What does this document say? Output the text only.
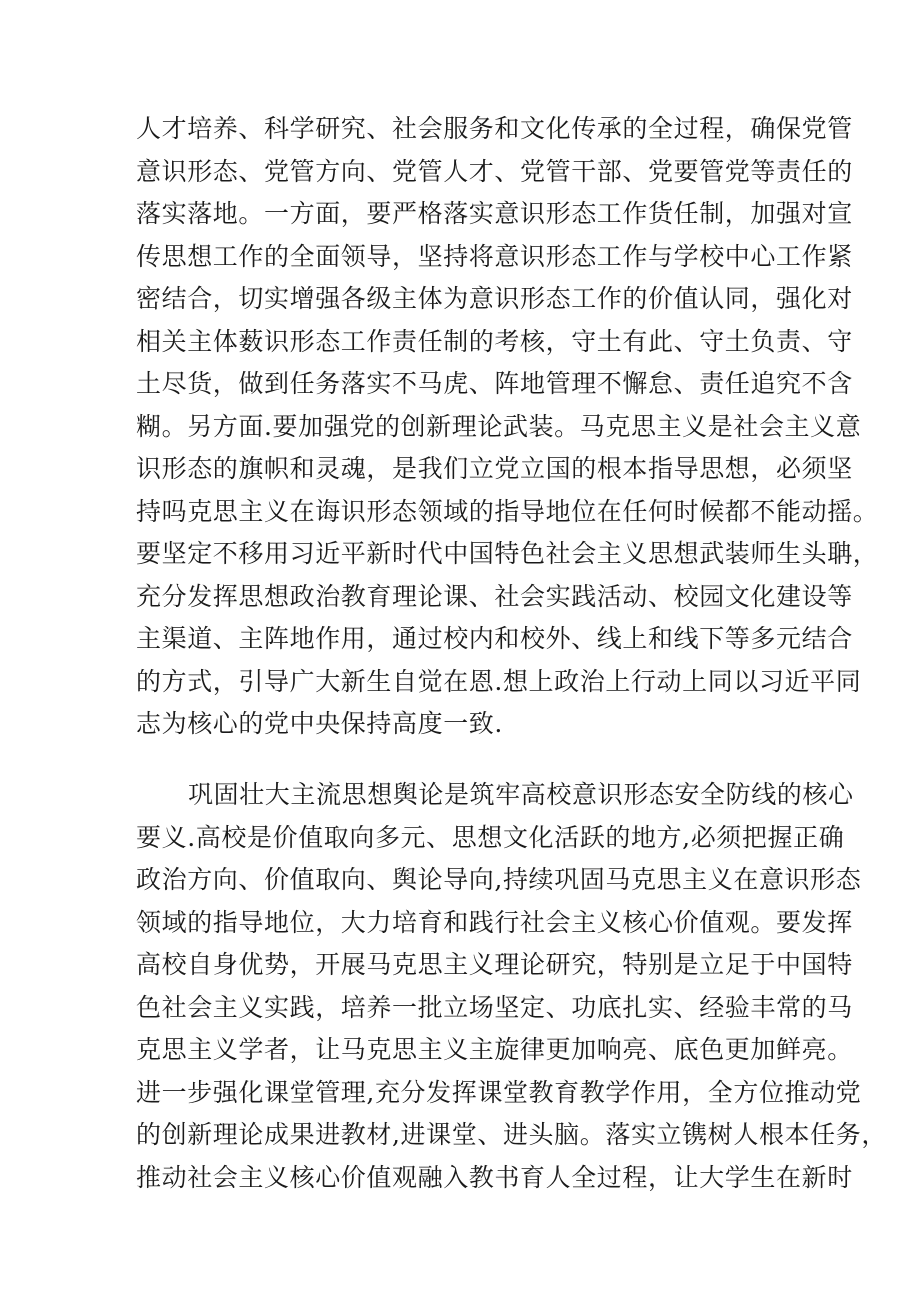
人才培养、科学研究、社会服务和文化传承的全过程，确保党管
意识形态、党管方向、党管人才、党管干部、党要管党等责任的
落实落地。一方面，要严格落实意识形态工作货任制，加强对宣
传思想工作的全面领导，坚持将意识形态工作与学校中心工作紧
密结合，切实增强各级主体为意识形态工作的价值认同，强化对
相关主体薮识形态工作责任制的考核，守土有此、守土负责、守
土尽货，做到任务落实不马虎、阵地管理不懈怠、责任追究不含
糊。另方面.要加强党的创新理论武装。马克思主义是社会主义意
识形态的旗帜和灵魂，是我们立党立国的根本指导思想，必须坚
持吗克思主义在诲识形态领域的指导地位在任何时候都不能动摇。
要坚定不移用习近平新时代中国特色社会主义思想武装师生头聃，
充分发挥思想政治教育理论课、社会实践活动、校园文化建设等
主渠道、主阵地作用，通过校内和校外、线上和线下等多元结合
的方式，引导广大新生自觉在恩.想上政治上行动上同以习近平同
志为核心的党中央保持高度一致.
巩固壮大主流思想舆论是筑牢高校意识形态安全防线的核心
要义.高校是价值取向多元、思想文化活跃的地方,必须把握正确
政治方向、价值取向、舆论导向,持续巩固马克思主义在意识形态
领域的指导地位，大力培育和践行社会主义核心价值观。要发挥
高校自身优势，开展马克思主义理论研究，特别是立足于中国特
色社会主义实践，培养一批立场坚定、功底扎实、经验丰常的马
克思主义学者，让马克思主义主旋律更加响亮、底色更加鲜亮。
进一步强化课堂管理,充分发挥课堂教育教学作用，全方位推动党
的创新理论成果进教材,进课堂、进头脑。落实立镌树人根本任务，
推动社会主义核心价值观融入教书育人全过程，让大学生在新时
